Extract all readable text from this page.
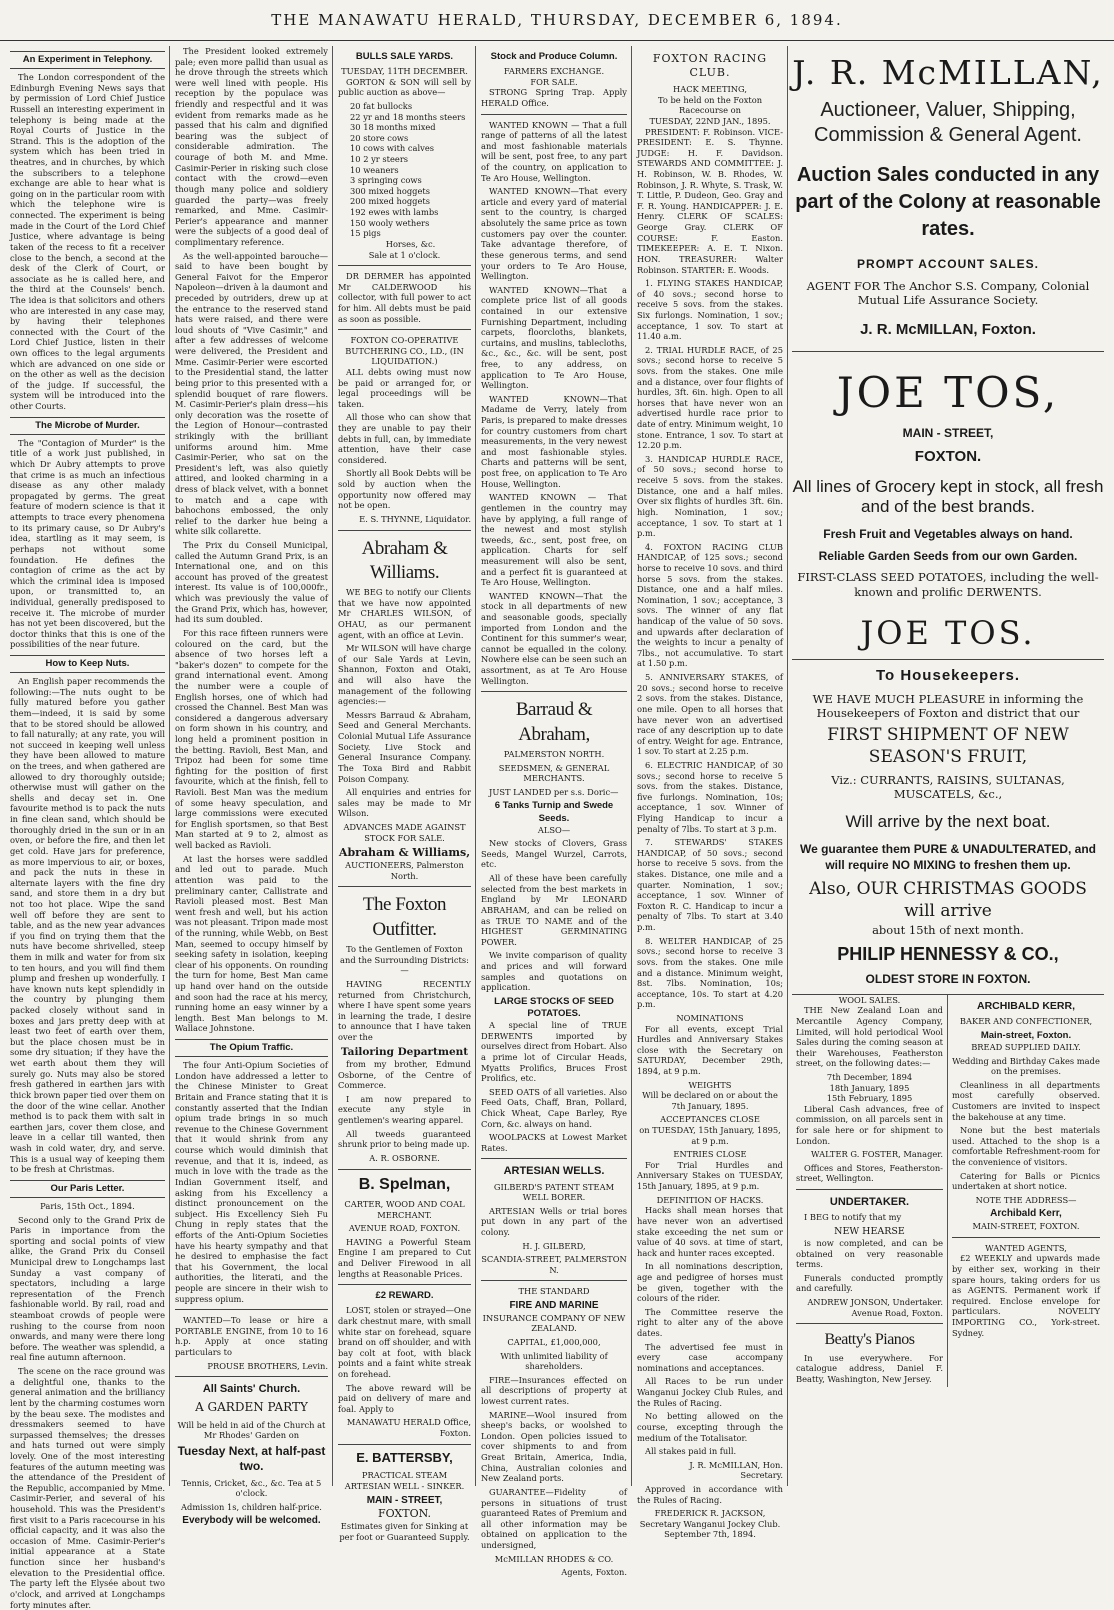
THE MANAWATU HERALD, THURSDAY, DECEMBER 6, 1894.
An Experiment in Telephony.

The London correspondent of the Edinburgh Evening News says that by permission of Lord Chief Justice Russell an interesting experiment in telephony is being made at the Royal Courts of Justice in the Strand. This is the adoption of the system which has been tried in theatres, and in churches, by which the subscribers to a telephone exchange are able to hear what is going on in the particular room with which the telephone wire is connected. The experiment is being made in the Court of the Lord Chief Justice, where advantage is being taken of the recess to fit a receiver close to the bench, a second at the desk of the Clerk of Court, or associate as he is called here, and the third at the Counsels' bench. The idea is that solicitors and others who are interested in any case may, by having their telephones connected with the Court of the Lord Chief Justice, listen in their own offices to the legal arguments which are advanced on one side or on the other as well as the decision of the judge. If successful, the system will be introduced into the other Courts.

The Microbe of Murder.

The "Contagion of Murder" is the title of a work just published, in which Dr Aubry attempts to prove that crime is as much an infectious disease as any other malady propagated by germs. The great feature of modern science is that it attempts to trace every phenomena to its primary cause, so Dr Aubry's idea, startling as it may seem, is perhaps not without some foundation. He defines the contagion of crime as the act by which the criminal idea is imposed upon, or transmitted to, an individual, generally predisposed to receive it. The microbe of murder has not yet been discovered, but the doctor thinks that this is one of the possibilities of the near future.

How to Keep Nuts.

An English paper recommends the following:—The nuts ought to be fully matured before you gather them—indeed, it is said by some that to be stored should be allowed to fall naturally; at any rate, you will not succeed in keeping well unless they have been allowed to mature on the trees, and when gathered are allowed to dry thoroughly outside; otherwise must will gather on the shells and decay set in. One favourite method is to pack the nuts in fine clean sand, which should be thoroughly dried in the sun or in an oven, or before the fire, and then let get cold. Have jars for preference, as more impervious to air, or boxes, and pack the nuts in these in alternate layers with the fine dry sand, and store them in a dry but not too hot place. Wipe the sand well off before they are sent to table, and as the new year advances if you find on trying them that the nuts have become shrivelled, steep them in milk and water for from six to ten hours, and you will find them plump and freshen up wonderfully. I have known nuts kept splendidly in the country by plunging them packed closely without sand in boxes and jars pretty deep with at least two feet of earth over them, but the place chosen must be in some dry situation; if they have the wet earth about them they will surely go. Nuts may also be stored fresh gathered in earthen jars with thick brown paper tied over them on the door of the wine cellar. Another method is to pack them with salt in earthen jars, cover them close, and leave in a cellar till wanted, then wash in cold water, dry, and serve. This is a usual way of keeping them to be fresh at Christmas.

Our Paris Letter.

Paris, 15th Oct., 1894.

Second only to the Grand Prix de Paris in importance from the sporting and social points of view alike, the Grand Prix du Conseil Municipal drew to Longchamps last Sunday a vast company of spectators, including a large representation of the French fashionable world. By rail, road and steamboat crowds of people were rushing to the course from noon onwards, and many were there long before. The weather was splendid, a real fine autumn afternoon.

The scene on the race ground was a delightful one, thanks to the general animation and the brilliancy lent by the charming costumes worn by the beau sexe. The modistes and dressmakers seemed to have surpassed themselves; the dresses and hats turned out were simply lovely. One of the most interesting features of the autumn meeting was the attendance of the President of the Republic, accompanied by Mme. Casimir-Perier, and several of his household. This was the President's first visit to a Paris racecourse in his official capacity, and it was also the occasion of Mme. Casimir-Perier's initial appearance at a State function since her husband's elevation to the Presidential office. The party left the Elysée about two o'clock, and arrived at Longchamps forty minutes after.

The President looked extremely pale; even more pallid than usual as he drove through the streets which were well lined with people. His reception by the populace was friendly and respectful and it was evident from remarks made as he passed that his calm and dignified bearing was the subject of considerable admiration. The courage of both M. and Mme. Casimir-Perier in risking such close contact with the crowd—even though many police and soldiery guarded the party—was freely remarked, and Mme. Casimir-Perier's appearance and manner were the subjects of a good deal of complimentary reference.

As the well-appointed barouche—said to have been bought by General Faivot for the Emperor Napoleon—driven à la daumont and preceded by outriders, drew up at the entrance to the reserved stand hats were raised, and there were loud shouts of "Vive Casimir," and after a few addresses of welcome were delivered, the President and Mme. Casimir-Perier were escorted to the Presidential stand, the latter being prior to this presented with a splendid bouquet of rare flowers. M. Casimir-Perier's plain dress—his only decoration was the rosette of the Legion of Honour—contrasted strikingly with the brilliant uniforms around him. Mme Casimir-Perier, who sat on the President's left, was also quietly attired, and looked charming in a dress of black velvet, with a bonnet to match and a cape with bahochons embossed, the only relief to the darker hue being a white silk collarette.

The Prix du Conseil Municipal, called the Autumn Grand Prix, is an International one, and on this account has proved of the greatest interest. Its value is of 100,000fr., which was previously the value of the Grand Prix, which has, however, had its sum doubled.

For this race fifteen runners were coloured on the card, but the absence of two horses left a "baker's dozen" to compete for the grand international event. Among the number were a couple of English horses, one of which had crossed the Channel. Best Man was considered a dangerous adversary on form shown in his country, and long held a prominent position in the betting. Ravioli, Best Man, and Tripoz had been for some time fighting for the position of first favourite, which at the finish, fell to Ravioli. Best Man was the medium of some heavy speculation, and large commissions were executed for English sportsmen, so that Best Man started at 9 to 2, almost as well backed as Ravioli.

At last the horses were saddled and led out to parade. Much attention was paid to the preliminary canter, Callistrate and Ravioli pleased most. Best Man went fresh and well, but his action was not pleasant. Tripon made most of the running, while Webb, on Best Man, seemed to occupy himself by seeking safety in isolation, keeping clear of his opponents. On rounding the turn for home, Best Man came up hand over hand on the outside and soon had the race at his mercy, running home an easy winner by a length. Best Man belongs to M. Wallace Johnstone.

The Opium Traffic.

The four Anti-Opium Societies of London have addressed a letter to the Chinese Minister to Great Britain and France stating that it is constantly asserted that the Indian opium trade brings in so much revenue to the Chinese Government that it would shrink from any course which would diminish that revenue, and that it is, indeed, as much in love with the trade as the Indian Government itself, and asking from his Excellency a distinct pronouncement on the subject. His Excellency Sieh Fu Chung in reply states that the efforts of the Anti-Opium Societies have his hearty sympathy and that he desired to emphasise the fact that his Government, the local authorities, the literati, and the people are sincere in their wish to suppress opium.

WANTED—To lease or hire a PORTABLE ENGINE, from 10 to 16 h.p. Apply at once stating particulars to

PROUSE BROTHERS, Levin.

All Saints' Church.
A GARDEN PARTY

Will be held in aid of the Church at Mr Rhodes' Garden on

Tuesday Next, at half-past two.

Tennis, Cricket, &c., &c. Tea at 5 o'clock.

Admission 1s, children half-price.

Everybody will be welcomed.
BULLS SALE YARDS.
TUESDAY, 11TH DECEMBER.

GORTON & SON will sell by public auction as above—

20 fat bullocks
22 yr and 18 months steers
30 18 months mixed
20 store cows
10 cows with calves
10 2 yr steers
10 weaners
3 springing cows
300 mixed hoggets
200 mixed hoggets
192 ewes with lambs
150 wooly wethers
15 pigs
Horses, &c.

Sale at 1 o'clock.

DR DERMER has appointed Mr CALDERWOOD his collector, with full power to act for him. All debts must be paid as soon as possible.

FOXTON CO-OPERATIVE BUTCHERING CO., LD., (IN LIQUIDATION.)

ALL debts owing must now be paid or arranged for, or legal proceedings will be taken.

All those who can show that they are unable to pay their debts in full, can, by immediate attention, have their case considered.

Shortly all Book Debts will be sold by auction when the opportunity now offered may not be open.

E. S. THYNNE, Liquidator.

Abraham & Williams.

WE BEG to notify our Clients that we have now appointed Mr CHARLES WILSON, of OHAU, as our permanent agent, with an office at Levin.

Mr WILSON will have charge of our Sale Yards at Levin, Shannon, Foxton and Otaki, and will also have the management of the following agencies:—

Messrs Barraud & Abraham, Seed and General Merchants. Colonial Mutual Life Assurance Society. Live Stock and General Insurance Company. The Toxa Bird and Rabbit Poison Company.

All enquiries and entries for sales may be made to Mr Wilson.

ADVANCES MADE AGAINST STOCK FOR SALE.

Abraham & Williams,

AUCTIONEERS, Palmerston North.

The Foxton Outfitter.

To the Gentlemen of Foxton and the Surrounding Districts:—

HAVING RECENTLY returned from Christchurch, where I have spent some years in learning the trade, I desire to announce that I have taken over the

Tailoring Department

from my brother, Edmund Osborne, of the Centre of Commerce.

I am now prepared to execute any style in gentlemen's wearing apparel.

All tweeds guaranteed shrunk prior to being made up.

A. R. OSBORNE.

B. Spelman,

CARTER, WOOD AND COAL MERCHANT.

AVENUE ROAD, FOXTON.

HAVING a Powerful Steam Engine I am prepared to Cut and Deliver Firewood in all lengths at Reasonable Prices.

£2 REWARD.

LOST, stolen or strayed—One dark chestnut mare, with small white star on forehead, square brand on off shoulder, and with bay colt at foot, with black points and a faint white streak on forehead.

The above reward will be paid on delivery of mare and foal. Apply to

MANAWATU HERALD Office, Foxton.

E. BATTERSBY,

PRACTICAL STEAM ARTESIAN WELL - SINKER.

MAIN - STREET,
FOXTON.

Estimates given for Sinking at per foot or Guaranteed Supply.

Stock and Produce Column.
FARMERS EXCHANGE.
FOR SALE.

STRONG Spring Trap. Apply HERALD Office.

WANTED KNOWN — That a full range of patterns of all the latest and most fashionable materials will be sent, post free, to any part of the country, on application to Te Aro House, Wellington.

WANTED KNOWN—That every article and every yard of material sent to the country, is charged absolutely the same price as town customers pay over the counter. Take advantage therefore, of these generous terms, and send your orders to Te Aro House, Wellington.

WANTED KNOWN—That a complete price list of all goods contained in our extensive Furnishing Department, including carpets, floorcloths, blankets, curtains, and muslins, tablecloths, &c., &c., &c. will be sent, post free, to any address, on application to Te Aro House, Wellington.

WANTED KNOWN—That Madame de Verry, lately from Paris, is prepared to make dresses for country customers from chart measurements, in the very newest and most fashionable styles. Charts and patterns will be sent, post free, on application to Te Aro House, Wellington.

WANTED KNOWN — That gentlemen in the country may have by applying, a full range of the newest and most stylish tweeds, &c., sent, post free, on application. Charts for self measurement will also be sent, and a perfect fit is guaranteed at Te Aro House, Wellington.

WANTED KNOWN—That the stock in all departments of new and seasonable goods, specially imported from London and the Continent for this summer's wear, cannot be equalled in the colony. Nowhere else can be seen such an assortment, as at Te Aro House Wellington.

Barraud & Abraham,

PALMERSTON NORTH.

SEEDSMEN, & GENERAL MERCHANTS.

JUST LANDED per s.s. Doric—

6 Tanks Turnip and Swede Seeds.

ALSO—

New stocks of Clovers, Grass Seeds, Mangel Wurzel, Carrots, etc.

All of these have been carefully selected from the best markets in England by Mr LEONARD ABRAHAM, and can be relied on as TRUE TO NAME and of the HIGHEST GERMINATING POWER.

We invite comparison of quality and prices and will forward samples and quotations on application.

LARGE STOCKS OF SEED POTATOES.

A special line of TRUE DERWENTS imported by ourselves direct from Hobart. Also a prime lot of Circular Heads, Myatts Prolifics, Bruces Frost Prolifics, etc.

SEED OATS of all varieties. Also Feed Oats, Chaff, Bran, Pollard, Chick Wheat, Cape Barley, Rye Corn, &c. always on hand.

WOOLPACKS at Lowest Market Rates.

ARTESIAN WELLS.

GILBERD'S PATENT STEAM WELL BORER.

ARTESIAN Wells or trial bores put down in any part of the colony.

H. J. GILBERD,

SCANDIA-STREET, PALMERSTON N.

THE STANDARD

FIRE AND MARINE

INSURANCE COMPANY OF NEW ZEALAND.

CAPITAL, £1,000,000,

With unlimited liability of shareholders.

FIRE—Insurances effected on all descriptions of property at lowest current rates.

MARINE—Wool insured from sheep's backs, or woolshed to London. Open policies issued to cover shipments to and from Great Britain, America, India, China, Australian colonies and New Zealand ports.

GUARANTEE—Fidelity of persons in situations of trust guaranteed Rates of Premium and all other information may be obtained on application to the undersigned,

McMILLAN RHODES & CO.

Agents, Foxton.

FOXTON RACING CLUB.
HACK MEETING,
To be held on the Foxton Racecourse on
TUESDAY, 22ND JAN., 1895.

PRESIDENT: F. Robinson. VICE-PRESIDENT: E. S. Thynne. JUDGE: H. F. Davidson. STEWARDS AND COMMITTEE: J. H. Robinson, W. B. Rhodes, W. Robinson, J. R. Whyte, S. Trask, W. T. Little, P. Dudeon, Geo. Gray and F. R. Young. HANDICAPPER: J. E. Henry. CLERK OF SCALES: George Gray. CLERK OF COURSE: F. Easton. TIMEKEEPER: A. E. T. Nixon. HON. TREASURER: Walter Robinson. STARTER: E. Woods.

1. FLYING STAKES HANDICAP, of 40 sovs.; second horse to receive 5 sovs. from the stakes. Six furlongs. Nomination, 1 sov.; acceptance, 1 sov. To start at 11.40 a.m.

2. TRIAL HURDLE RACE, of 25 sovs.; second horse to receive 5 sovs. from the stakes. One mile and a distance, over four flights of hurdles, 3ft. 6in. high. Open to all horses that have never won an advertised hurdle race prior to date of entry. Minimum weight, 10 stone. Entrance, 1 sov. To start at 12.20 p.m.

3. HANDICAP HURDLE RACE, of 50 sovs.; second horse to receive 5 sovs. from the stakes. Distance, one and a half miles. Over six flights of hurdles 3ft. 6in. high. Nomination, 1 sov.; acceptance, 1 sov. To start at 1 p.m.

4. FOXTON RACING CLUB HANDICAP, of 125 sovs.; second horse to receive 10 sovs. and third horse 5 sovs. from the stakes. Distance, one and a half miles. Nomination, 1 sov.; acceptance, 3 sovs. The winner of any flat handicap of the value of 50 sovs. and upwards after declaration of the weights to incur a penalty of 7lbs., not accumulative. To start at 1.50 p.m.

5. ANNIVERSARY STAKES, of 20 sovs.; second horse to receive 2 sovs. from the stakes. Distance, one mile. Open to all horses that have never won an advertised race of any description up to date of entry. Weight for age. Entrance, 1 sov. To start at 2.25 p.m.

6. ELECTRIC HANDICAP, of 30 sovs.; second horse to receive 5 sovs. from the stakes. Distance, five furlongs. Nomination, 10s; acceptance, 1 sov. Winner of Flying Handicap to incur a penalty of 7lbs. To start at 3 p.m.

7. STEWARDS' STAKES HANDICAP, of 50 sovs.; second horse to receive 5 sovs. from the stakes. Distance, one mile and a quarter. Nomination, 1 sov.; acceptance, 1 sov. Winner of Foxton R. C. Handicap to incur a penalty of 7lbs. To start at 3.40 p.m.

8. WELTER HANDICAP, of 25 sovs.; second horse to receive 3 sovs. from the stakes. One mile and a distance. Minimum weight, 8st. 7lbs. Nomination, 10s; acceptance, 10s. To start at 4.20 p.m.

NOMINATIONS

For all events, except Trial Hurdles and Anniversary Stakes close with the Secretary on SATURDAY, December 29th, 1894, at 9 p.m.

WEIGHTS

Will be declared on or about the 7th January, 1895.

ACCEPTANCES CLOSE

on TUESDAY, 15th January, 1895, at 9 p.m.

ENTRIES CLOSE

For Trial Hurdles and Anniversary Stakes on TUESDAY, 15th January, 1895, at 9 p.m.

DEFINITION OF HACKS.

Hacks shall mean horses that have never won an advertised stake exceeding the net sum or value of 40 sovs. at time of start, hack and hunter races excepted.

In all nominations description, age and pedigree of horses must be given, together with the colours of the rider.

The Committee reserve the right to alter any of the above dates.

The advertised fee must in every case accompany nominations and acceptances.

All Races to be run under Wanganui Jockey Club Rules, and the Rules of Racing.

No betting allowed on the course, excepting through the medium of the Totalisator.

All stakes paid in full.

J. R. McMILLAN, Hon. Secretary.

Approved in accordance with the Rules of Racing.

FREDERICK R. JACKSON, Secretary Wanganui Jockey Club. September 7th, 1894.

J. R. McMILLAN,
Auctioneer, Valuer, Shipping, Commission & General Agent.
Auction Sales conducted in any part of the Colony at reasonable rates.
PROMPT ACCOUNT SALES.
AGENT FOR The Anchor S.S. Company, Colonial Mutual Life Assurance Society.
J. R. McMILLAN, Foxton.
JOE TOS,
MAIN - STREET,
FOXTON.
All lines of Grocery kept in stock, all fresh and of the best brands.
Fresh Fruit and Vegetables always on hand.
Reliable Garden Seeds from our own Garden.
FIRST-CLASS SEED POTATOES, including the well-known and prolific DERWENTS.
JOE TOS.
To Housekeepers.
WE HAVE MUCH PLEASURE in informing the Housekeepers of Foxton and district that our
FIRST SHIPMENT OF NEW SEASON'S FRUIT,
Viz.: CURRANTS, RAISINS, SULTANAS, MUSCATELS, &c.,
Will arrive by the next boat.
We guarantee them PURE & UNADULTERATED, and will require NO MIXING to freshen them up.
Also, OUR CHRISTMAS GOODS will arrive
about 15th of next month.
PHILIP HENNESSY & CO.,
OLDEST STORE IN FOXTON.
WOOL SALES.

THE New Zealand Loan and Mercantile Agency Company, Limited, will hold periodical Wool Sales during the coming season at their Warehouses, Featherston street, on the following dates:—

7th December, 1894
18th January, 1895
15th February, 1895

Liberal Cash advances, free of commission, on all parcels sent in for sale here or for shipment to London.

WALTER G. FOSTER, Manager.

Offices and Stores, Featherston-street, Wellington.

UNDERTAKER.

I BEG to notify that my

NEW HEARSE

is now completed, and can be obtained on very reasonable terms.

Funerals conducted promptly and carefully.

ANDREW JONSON, Undertaker. Avenue Road, Foxton.

Beatty's Pianos

In use everywhere. For catalogue address, Daniel F. Beatty, Washington, New Jersey.

ARCHIBALD KERR,

BAKER AND CONFECTIONER,

Main-street, Foxton.

BREAD SUPPLIED DAILY.

Wedding and Birthday Cakes made on the premises.

Cleanliness in all departments most carefully observed. Customers are invited to inspect the bakehouse at any time.

None but the best materials used. Attached to the shop is a comfortable Refreshment-room for the convenience of visitors.

Catering for Balls or Picnics undertaken at short notice.

NOTE THE ADDRESS—

Archibald Kerr,

MAIN-STREET, FOXTON.

WANTED AGENTS,

£2 WEEKLY and upwards made by either sex, working in their spare hours, taking orders for us as AGENTS. Permanent work if required. Enclose envelope for particulars. NOVELTY IMPORTING CO., York-street. Sydney.
